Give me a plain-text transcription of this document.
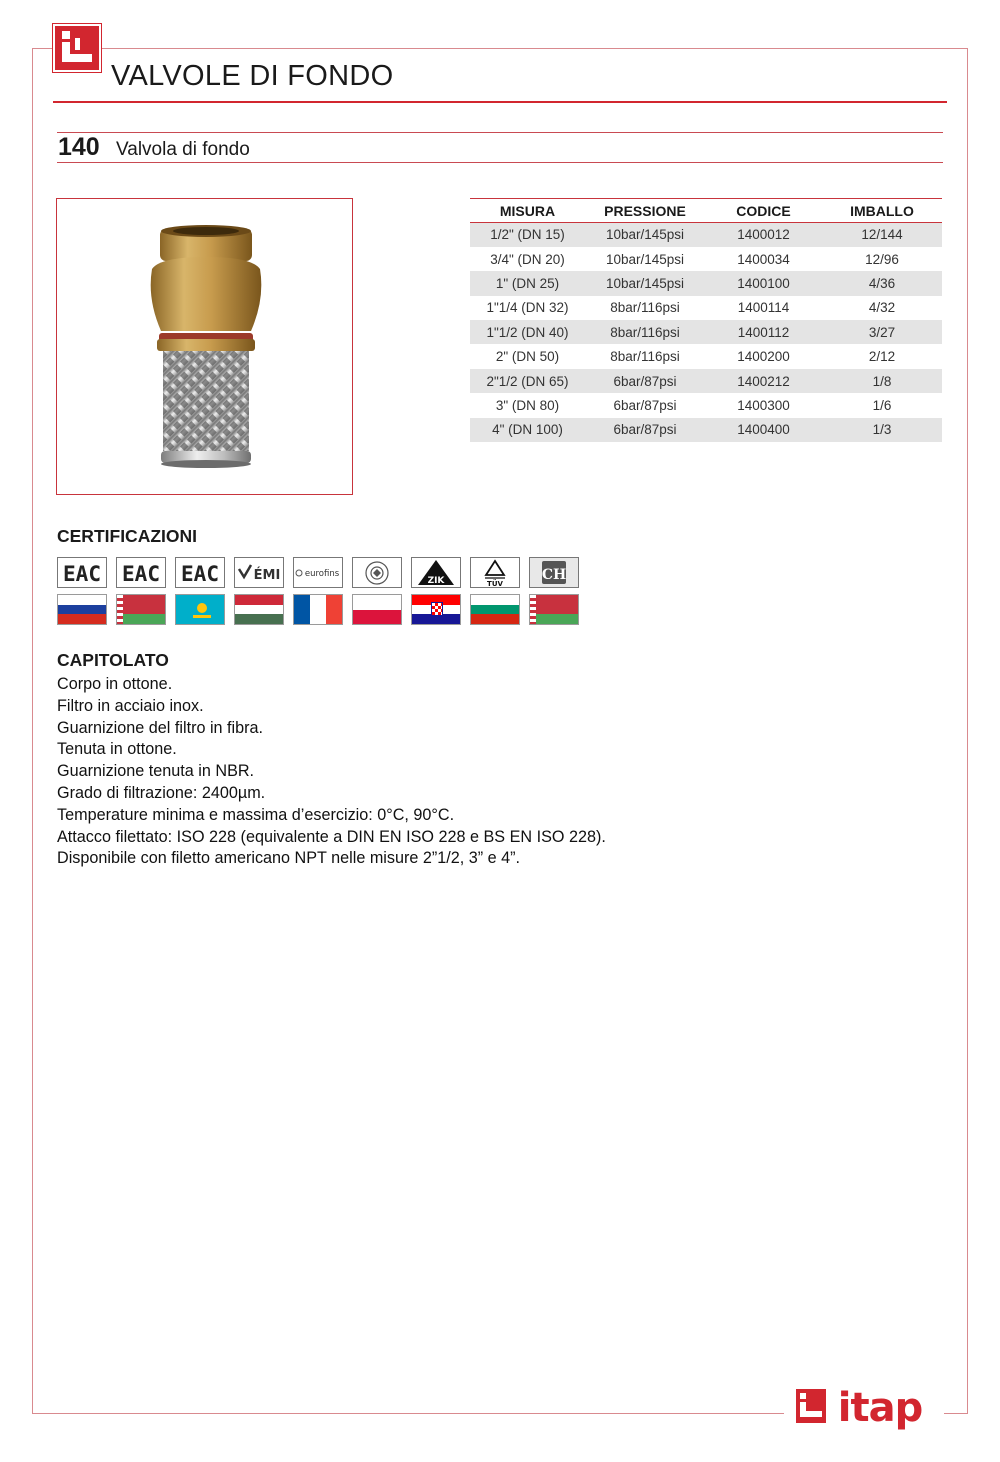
VALVOLE DI FONDO
140 Valvola di fondo
MISURA	PRESSIONE	CODICE	IMBALLO
1/2" (DN 15)	10bar/145psi	1400012	12/144
3/4" (DN 20)	10bar/145psi	1400034	12/96
1" (DN 25)	10bar/145psi	1400100	4/36
1"1/4 (DN 32)	8bar/116psi	1400114	4/32
1"1/2 (DN 40)	8bar/116psi	1400112	3/27
2" (DN 50)	8bar/116psi	1400200	2/12
2"1/2 (DN 65)	6bar/87psi	1400212	1/8
3" (DN 80)	6bar/87psi	1400300	1/6
4" (DN 100)	6bar/87psi	1400400	1/3
CERTIFICAZIONI
EAC EAC EAC	ÉMI	eurofins
ZIK	TÜV
CH
CAPITOLATO
Corpo in ottone.
Filtro in acciaio inox.
Guarnizione del filtro in fibra.
Tenuta in ottone.
Guarnizione tenuta in NBR.
Grado di filtrazione: 2400µm.
Temperature minima e massima d’esercizio: 0°C, 90°C.
Attacco filettato: ISO 228 (equivalente a DIN EN ISO 228 e BS EN ISO 228).
Disponibile con filetto americano NPT nelle misure 2”1/2, 3” e 4”.
itap
